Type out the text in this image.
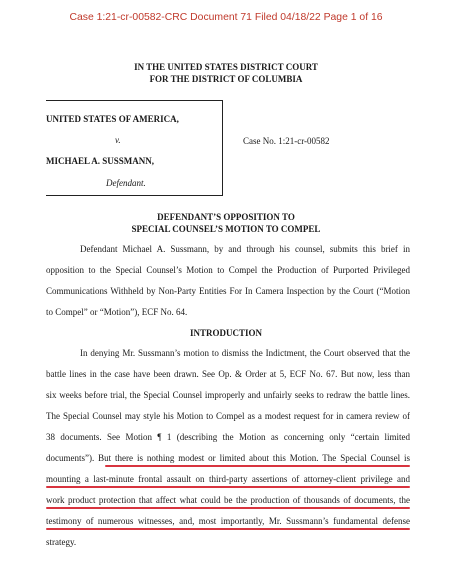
Case 1:21-cr-00582-CRC Document 71 Filed 04/18/22 Page 1 of 16
IN THE UNITED STATES DISTRICT COURT
FOR THE DISTRICT OF COLUMBIA
UNITED STATES OF AMERICA,
v.
MICHAEL A. SUSSMANN,
Defendant.
Case No. 1:21-cr-00582
DEFENDANT’S OPPOSITION TO
SPECIAL COUNSEL’S MOTION TO COMPEL
Defendant Michael A. Sussmann, by and through his counsel, submits this brief in
opposition to the Special Counsel’s Motion to Compel the Production of Purported Privileged
Communications Withheld by Non-Party Entities For In Camera Inspection by the Court (“Motion
to Compel” or “Motion”), ECF No. 64.
INTRODUCTION
In denying Mr. Sussmann’s motion to dismiss the Indictment, the Court observed that the
battle lines in the case have been drawn. See Op. & Order at 5, ECF No. 67. But now, less than
six weeks before trial, the Special Counsel improperly and unfairly seeks to redraw the battle lines.
The Special Counsel may style his Motion to Compel as a modest request for in camera review of
38 documents. See Motion ¶ 1 (describing the Motion as concerning only “certain limited
documents”). But there is nothing modest or limited about this Motion. The Special Counsel is
mounting a last-minute frontal assault on third-party assertions of attorney-client privilege and
work product protection that affect what could be the production of thousands of documents, the
testimony of numerous witnesses, and, most importantly, Mr. Sussmann’s fundamental defense
strategy.
